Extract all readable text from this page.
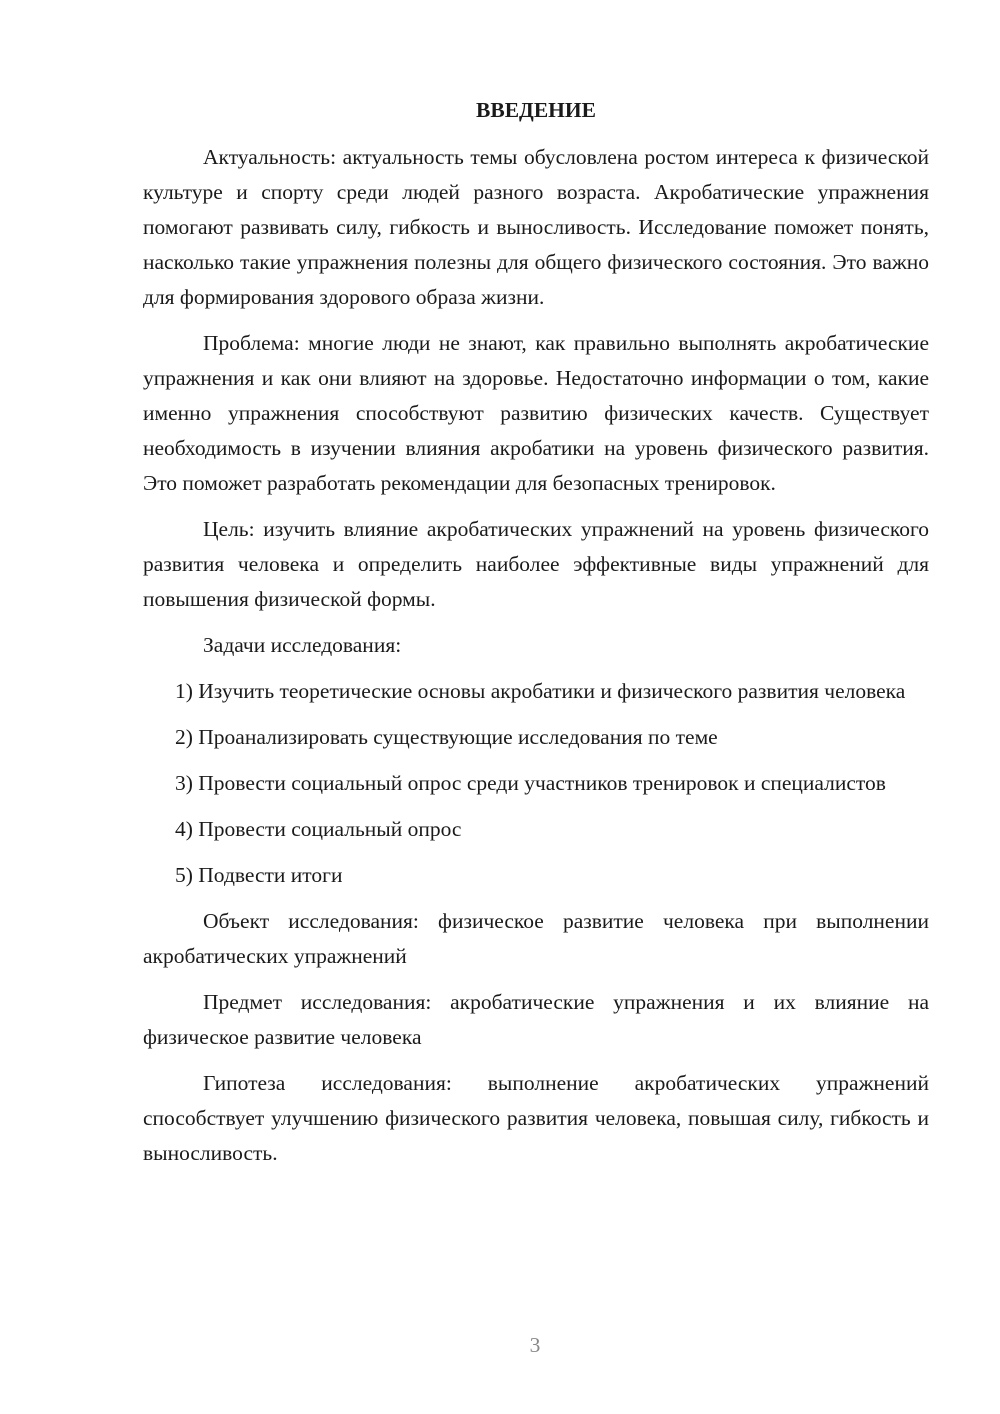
ВВЕДЕНИЕ

Актуальность: актуальность темы обусловлена ростом интереса к физической культуре и спорту среди людей разного возраста. Акробатические упражнения помогают развивать силу, гибкость и выносливость. Исследование поможет понять, насколько такие упражнения полезны для общего физического состояния. Это важно для формирования здорового образа жизни.

Проблема: многие люди не знают, как правильно выполнять акробатические упражнения и как они влияют на здоровье. Недостаточно информации о том, какие именно упражнения способствуют развитию физических качеств. Существует необходимость в изучении влияния акробатики на уровень физического развития. Это поможет разработать рекомендации для безопасных тренировок.

Цель: изучить влияние акробатических упражнений на уровень физического развития человека и определить наиболее эффективные виды упражнений для повышения физической формы.

Задачи исследования:

1) Изучить теоретические основы акробатики и физического развития человека

2) Проанализировать существующие исследования по теме

3) Провести социальный опрос среди участников тренировок и специалистов

4) Провести социальный опрос

5) Подвести итоги

Объект исследования: физическое развитие человека при выполнении акробатических упражнений

Предмет исследования: акробатические упражнения и их влияние на физическое развитие человека

Гипотеза исследования: выполнение акробатических упражнений способствует улучшению физического развития человека, повышая силу, гибкость и выносливость.

3
